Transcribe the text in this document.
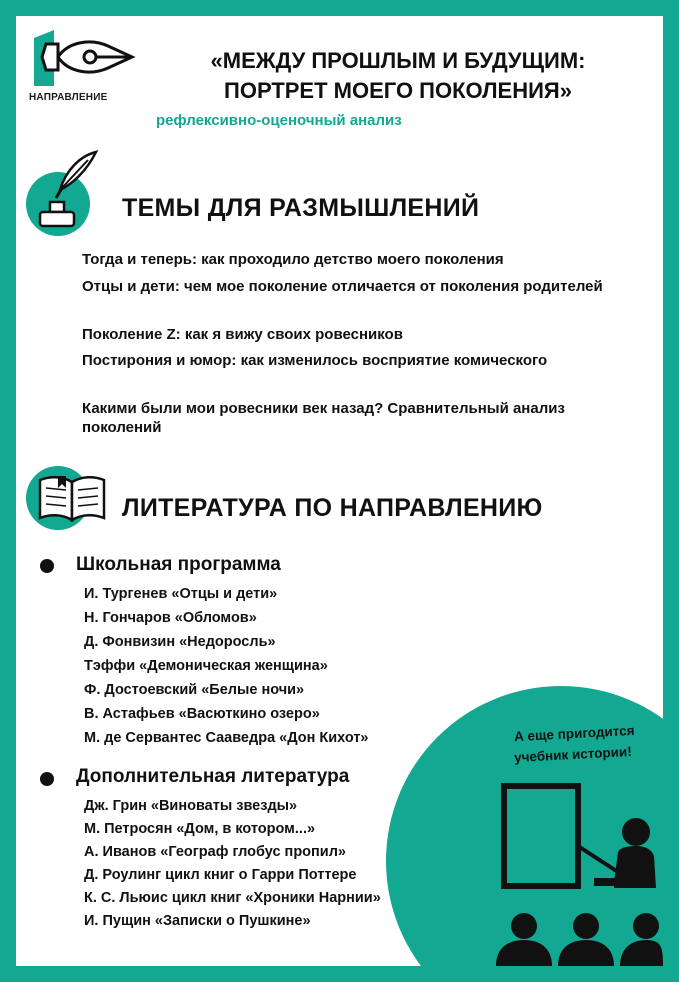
НАПРАВЛЕНИЕ
«МЕЖДУ ПРОШЛЫМ И БУДУЩИМ:
ПОРТРЕТ МОЕГО ПОКОЛЕНИЯ»
рефлексивно-оценочный анализ
ТЕМЫ ДЛЯ РАЗМЫШЛЕНИЙ
Тогда и теперь: как проходило детство моего поколения
Отцы и дети: чем мое поколение отличается от поколения родителей
Поколение Z: как я вижу своих ровесников
Постирония и юмор: как изменилось восприятие комического
Какими были мои ровесники век назад? Сравнительный анализ поколений
ЛИТЕРАТУРА ПО НАПРАВЛЕНИЮ
А еще пригодится
учебник истории!
Школьная программа
И. Тургенев «Отцы и дети»
Н. Гончаров «Обломов»
Д. Фонвизин «Недоросль»
Тэффи «Демоническая женщина»
Ф. Достоевский «Белые ночи»
В. Астафьев «Васюткино озеро»
М. де Сервантес Сааведра «Дон Кихот»
Дополнительная литература
Дж. Грин «Виноваты звезды»
М. Петросян «Дом, в котором...»
А. Иванов «Географ глобус пропил»
Д. Роулинг цикл книг о Гарри Поттере
К. С. Льюис цикл книг «Хроники Нарнии»
И. Пущин «Записки о Пушкине»
